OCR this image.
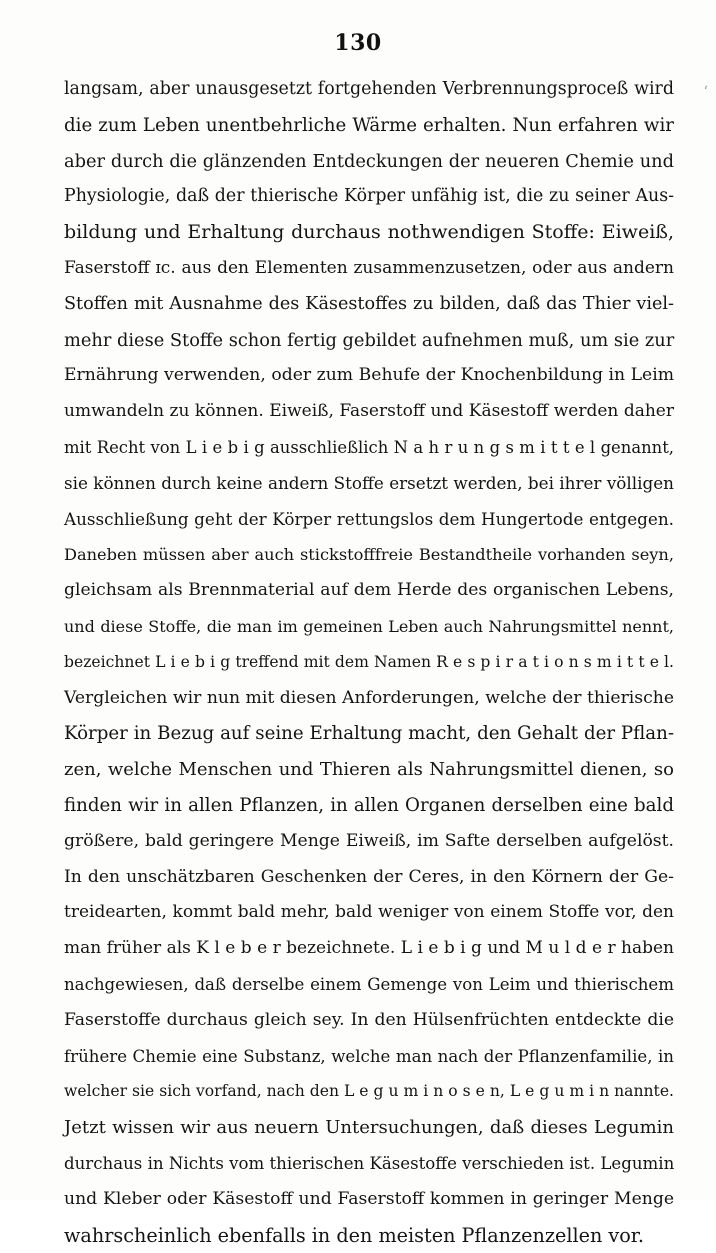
130
‘
langsam, aber unausgesetzt fortgehenden Verbrennungsproceß wird
die zum Leben unentbehrliche Wärme erhalten. Nun erfahren wir
aber durch die glänzenden Entdeckungen der neueren Chemie und
Physiologie, daß der thierische Körper unfähig ist, die zu seiner Aus-
bildung und Erhaltung durchaus nothwendigen Stoffe: Eiweiß,
Faserstoff ɪc. aus den Elementen zusammenzusetzen, oder aus andern
Stoffen mit Ausnahme des Käsestoffes zu bilden, daß das Thier viel-
mehr diese Stoffe schon fertig gebildet aufnehmen muß, um sie zur
Ernährung verwenden, oder zum Behufe der Knochenbildung in Leim
umwandeln zu können. Eiweiß, Faserstoff und Käsestoff werden daher
mit Recht von L i e b i g ausschließlich N a h r u n g s m i t t e l genannt,
sie können durch keine andern Stoffe ersetzt werden, bei ihrer völligen
Ausschließung geht der Körper rettungslos dem Hungertode entgegen.
Daneben müssen aber auch stickstofffreie Bestandtheile vorhanden seyn,
gleichsam als Brennmaterial auf dem Herde des organischen Lebens,
und diese Stoffe, die man im gemeinen Leben auch Nahrungsmittel nennt,
bezeichnet L i e b i g treffend mit dem Namen R e s p i r a t i o n s m i t t e l.
Vergleichen wir nun mit diesen Anforderungen, welche der thierische
Körper in Bezug auf seine Erhaltung macht, den Gehalt der Pflan-
zen, welche Menschen und Thieren als Nahrungsmittel dienen, so
finden wir in allen Pflanzen, in allen Organen derselben eine bald
größere, bald geringere Menge Eiweiß, im Safte derselben aufgelöst.
In den unschätzbaren Geschenken der Ceres, in den Körnern der Ge-
treidearten, kommt bald mehr, bald weniger von einem Stoffe vor, den
man früher als K l e b e r bezeichnete. L i e b i g und M u l d e r haben
nachgewiesen, daß derselbe einem Gemenge von Leim und thierischem
Faserstoffe durchaus gleich sey. In den Hülsenfrüchten entdeckte die
frühere Chemie eine Substanz, welche man nach der Pflanzenfamilie, in
welcher sie sich vorfand, nach den L e g u m i n o s e n, L e g u m i n nannte.
Jetzt wissen wir aus neuern Untersuchungen, daß dieses Legumin
durchaus in Nichts vom thierischen Käsestoffe verschieden ist. Legumin
und Kleber oder Käsestoff und Faserstoff kommen in geringer Menge
wahrscheinlich ebenfalls in den meisten Pflanzenzellen vor.
